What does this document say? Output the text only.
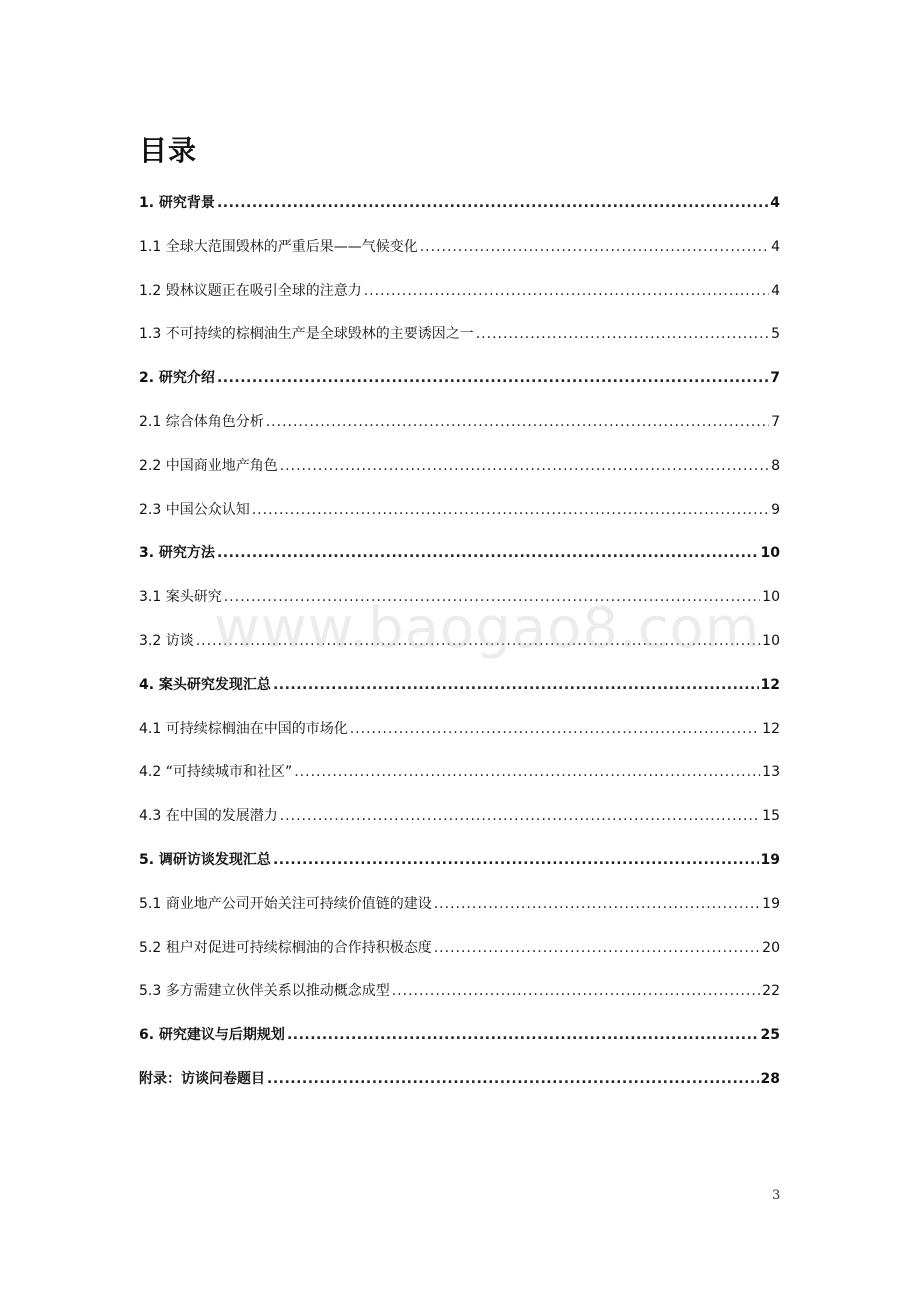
目录
1. 研究背景 .....	4
1.1 全球大范围毁林的严重后果——气候变化 .....	4
1.2 毁林议题正在吸引全球的注意力 .....	4
1.3 不可持续的棕榈油生产是全球毁林的主要诱因之一 .....	5
2. 研究介绍 .....	7
2.1 综合体角色分析 .....	7
2.2 中国商业地产角色 .....	8
2.3 中国公众认知 .....	9
3. 研究方法 .....	10
3.1 案头研究 .....	10
3.2 访谈 .....	10
4. 案头研究发现汇总 .....	12
4.1 可持续棕榈油在中国的市场化 .....	12
4.2 “可持续城市和社区” .....	13
4.3 在中国的发展潜力 .....	15
5. 调研访谈发现汇总 .....	19
5.1 商业地产公司开始关注可持续价值链的建设 .....	19
5.2 租户对促进可持续棕榈油的合作持积极态度 .....	20
5.3 多方需建立伙伴关系以推动概念成型 .....	22
6. 研究建议与后期规划 .....	25
附录：访谈问卷题目 .....	28
www.baogao8.com
3
